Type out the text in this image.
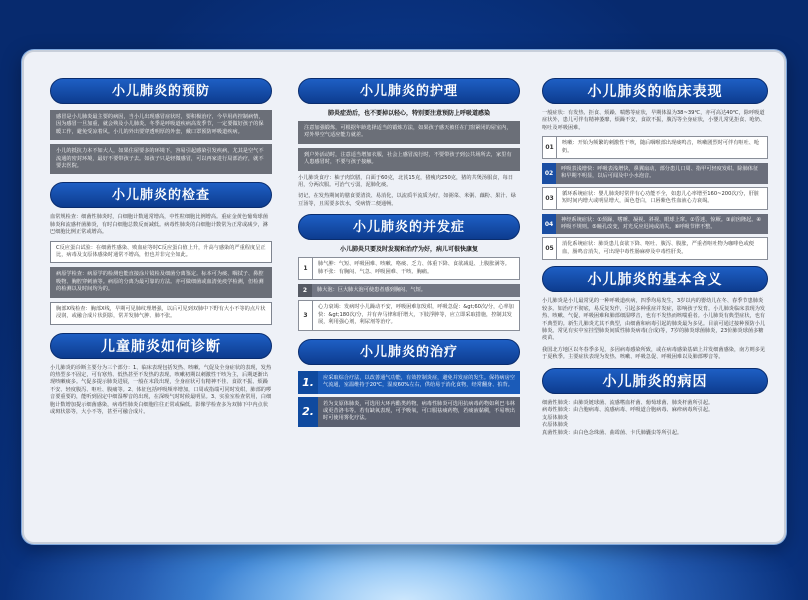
小儿肺炎的预防
感冒是小儿肺炎最主要的病因，当小儿出现感冒症状时，要积极治疗，今早用药控制病情，因为感冒一旦加重，就会殃及小儿肺炎。冬季是呼吸道疾病高发季节，一定要做好孩子的保暖工作，避免受凉着风。小儿的外出要穿透明厚的外套，戴口罩预防呼吸道疾病。
小儿的抵抗力本不如大人，如果住屋要多的环境下，容易引起感染引发疾病，尤其是空气不流通的密封环境，最好不要带孩子去。如孩子只是轻微感冒，可以再家进行局部治疗，就不要去医院。
小儿肺炎的检查
血常规检查：细菌性肺炎时，白细胞计数通常增高，中性粒细胞比例增高。重症金黄色葡萄球菌肺炎和流感杆菌肺炎，有时白细胞总数反而减低。病毒性肺炎的白细胞计数常为正常或减少，淋巴细胞比例正常或增高。
C反应蛋白试验：在细菌性感染、败血症等时C反应蛋白值上升，升高与感染的严重程度呈正比，病毒及支原体感染时通常不增高，但也并非完全如此。
病原学检查：病原学的检测也能直接涂片镜检及细菌分离鉴定。标本可为痰、咽拭子、鼻腔吸物、胸腔穿刺液等。病原的分离为最可靠的方法。亦可做细菌或血清免疫学检测，但检测的检测以及时间均为的。
胸部X线检查：胸部X线，早期可见肺纹理增强，以后可见到双肺中下野有大小不等的点片状浸润，或融合成片状阴影，常并发肺气肿、肺不张。
儿童肺炎如何诊断
小儿肺炎的诊断主要分为三个部分：1、临床表现包括发热、咳嗽、气促及全身症状的表现，发热的热型多不固定，可有寒热、低热甚至不发热的表现。咳嗽初期以刺激性干咳为主，后期逐渐出现咳嗽痰多。气促多提示肺炎进展，一般在末段出现，全身症状可有精神不佳、食欲不振、烦躁不安、轻度腹泻、呕吐、腹痛等。2、体征包括呼吸频率增加，口周或指端可同时发绀，肺部的啰音要重要的，能听到固定中细湿啰音的出现，在深吸气时时候最明显。3、实验室检查常用，白细胞计数增加提示细菌感染，病毒性肺炎白细胞往往正常或偏低。影像学检查多为双肺下中内点状或斑状影等，大小不等，甚至可融合成片。
小儿肺炎的护理
肺炎症劲后，也不要掉以轻心，特别要注意预防上呼吸道感染
注意加强锻炼，可根据年龄选择适当的锻炼方法，如果孩子感天被任在门窗紧闭的屋室内，对外界空气适应能力就差。
到户外活动时，注意适当增加衣服，社会上感冒流行时，不要带孩子到公共场所去，家里有人患感冒时，不要与孩子接触。
小儿肺炎食疗：柚子肉饮膳，白面于60克，北芪15克，猪瘦肉250克，猪的共煲汤服食，每日用，分两次服。可治气亏弱，泥肺化痰。
切记，在发热期间的膳食要清淡、易消化，以流质半流质为好，如粥菜、米粥、藕粉、果汁、绿豆汤等，且需要多饮水，受病情二便通畅。
小儿肺炎的并发症
小儿肺炎只要及时发现和治疗为好，病儿可很快康复
1
肺气肿：气短、呼吸困难、咳嗽、咯痰、乏力、体重下降、食欲减退、上腹胀满等。肺不张：有胸闷、气急、呼吸困难、干咳、胸痛。
2	肺大泡：巨大肺大泡可使患者感到胸闷、气短。
3
心力衰竭：发病时小儿躁动不安，呼吸困难加发绀，呼吸急促：&gt;60次/分，心率加快：&gt;180次/分，并有奔马律和肝增大，下肢浮肿等，应立即采取措施，控制其发展，利用强心剂，利尿剂等治疗。
小儿肺炎的治疗
1.	应采取综合疗法，以改善通气功能，有效控制炎症，避免并发症的发生。保持病房空气流通，室温维持于20℃，湿度60%左右，供给易于消化食物，经常翻身、拍背。
2.
若为支原体肺炎，可选用大环内酯类药物。病毒性肺炎可选用抗病毒药物如利巴韦林或更昔洛韦等。若有缺氧表现，可予吸氧，可口服祛痰药物，若痰液黏稠，不易咳出时可使用雾化疗法。
小儿肺炎的临床表现
一般症状：有发热、拒食、烦躁、喘憋等症状，早期体温为38~39℃，亦可高达40℃，除呼吸道症状外，患儿可伴有精神萎靡，烦躁不安，食欲不振，腹泻等全身症状，小婴儿常见拒食、呛奶、呕吐及呼吸困难。
01
咳嗽：开始为频繁的刺激性干咳，随后咽喉部出现痰鸣音，咳嗽剧烈时可伴有呕吐、呛奶。
02
呼吸表浅增快：呼吸表浅增快，鼻翼扇动，部分患儿口周、指甲可轻度发绀。除肺体征和早期不明显，以后可闻及中小水泡音。
03
循环系统症状：婴儿肺炎时常伴有心功能不全，如患儿心率增至160~200次/分，肝脏短时间内增大或明显增大，面色苍白，口唇紫色性血液心力衰竭。
04
神经系统症状：①烦躁、嗜睡、凝视、斜视、眼球上窜。②昏迷、惊厥。③前囟隆起。④呼吸不规则。⑤瞳孔改变，对光反应迟钝或消失。⑥呼吸节律不整。
05
消化系统症状：肺炎患儿食欲下降、呕吐、腹泻、腹胀，严重者呕吐物为咖啡色或便血，肠鸣音消失，可出现中毒性肠麻痹及中毒性肝炎。
小儿肺炎的基本含义
小儿肺炎是小儿最常见的一种呼吸道疾病，四季均易发生，3岁以内的婴幼儿在冬、春季节患肺炎较多。如治疗不彻底，易反复发作，引起多种重症并发症，影响孩子发育。小儿肺炎临床表现为发热、咳嗽、气促、呼吸困难和肺部细湿啰音，也有不发热而咳喘重者。小儿肺炎有典型症状，也有不典型的。新生儿肺炎尤其不典型，由细菌和病毒引起的肺炎最为多见。目前可通过接种预防小儿肺炎。常见有实中室挂型肺炎间质性肺炎病毒(合成)等，7岁的肺炎球菌肺炎，23价肺炎球菌多糖疫苗。
我国北方地区以冬春季多见，多因病毒感染所致，或在病毒感染基础上并发细菌感染，南方则多见于夏秋季。主要症状表现为发热、咳嗽、呼吸急促、呼吸困难以及肺部啰音等。
小儿肺炎的病因
细菌性肺炎：由肺炎链球菌、流感嗜血杆菌、葡萄球菌、肺炎杆菌所引起。
病毒性肺炎：由合胞病毒、流感病毒、呼吸道合胞病毒、麻疹病毒所引起。
支原体肺炎
衣原体肺炎
真菌性肺炎：由白色念珠菌、曲霉菌、卡氏肺囊虫等所引起。
